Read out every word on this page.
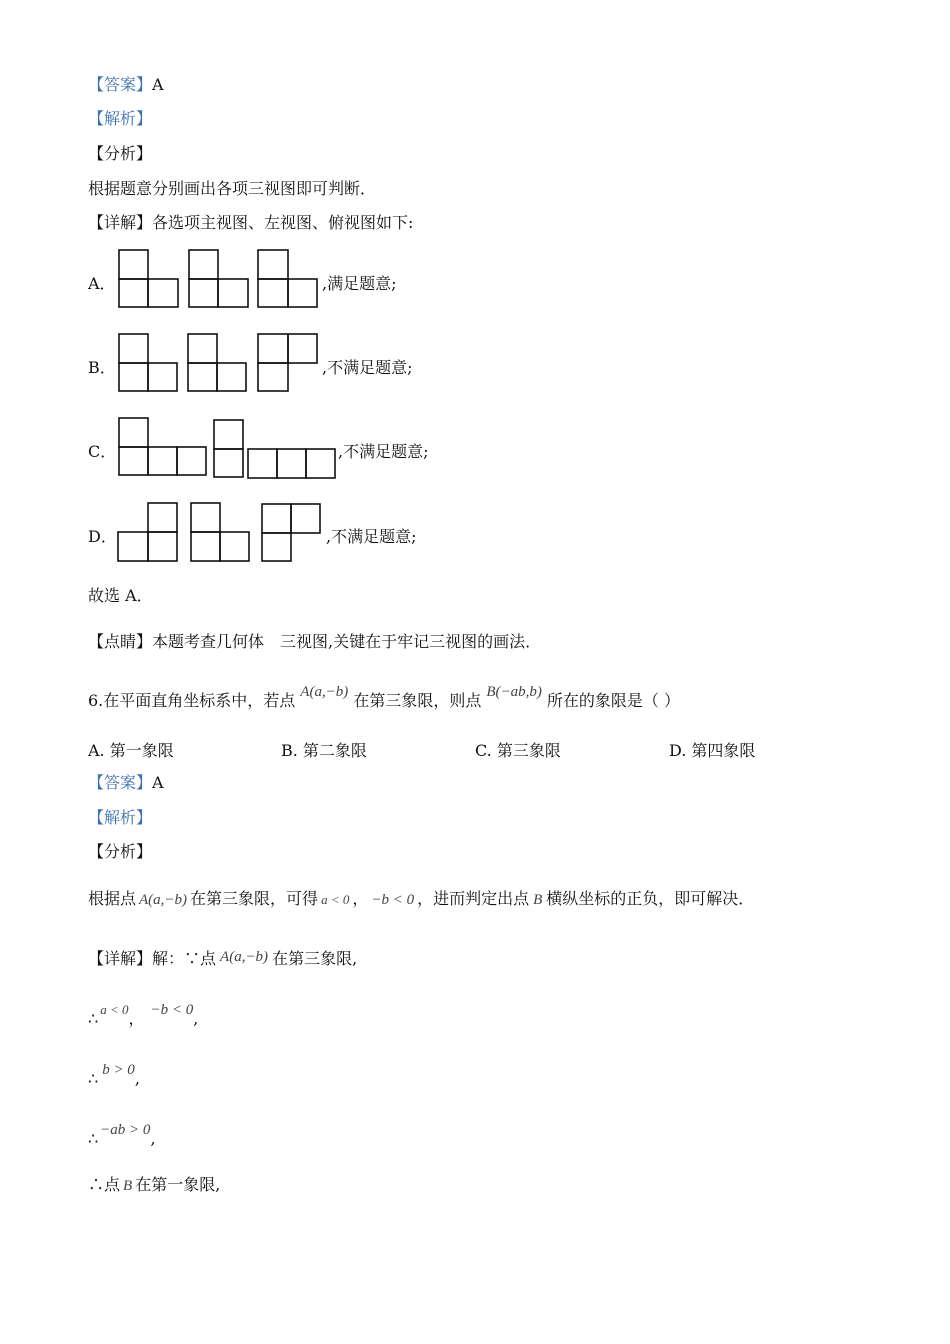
【答案】A
【解析】
【分析】
根据题意分别画出各项三视图即可判断．
【详解】各选项主视图、左视图、俯视图如下:
A．	,满足题意;
B．	,不满足题意;
C．	,不满足题意;
D．	,不满足题意;
故选 A．
【点睛】本题考查几何体　三视图,关键在于牢记三视图的画法．
6.在平面直角坐标系中，若点 A(a,−b) 在第三象限，则点 B(−ab,b) 所在的象限是（ ）
A. 第一象限	B. 第二象限	C. 第三象限	D. 第四象限
【答案】A
【解析】
【分析】
根据点 A(a,−b) 在第三象限，可得 a < 0 ， −b < 0 ，进而判定出点 B 横纵坐标的正负，即可解决．
【详解】解：∵点 A(a,−b) 在第三象限,
∴ $^{a < 0}$， −b < 0,
∴ b > 0,
∴ −ab > 0,
∴点 B 在第一象限,
